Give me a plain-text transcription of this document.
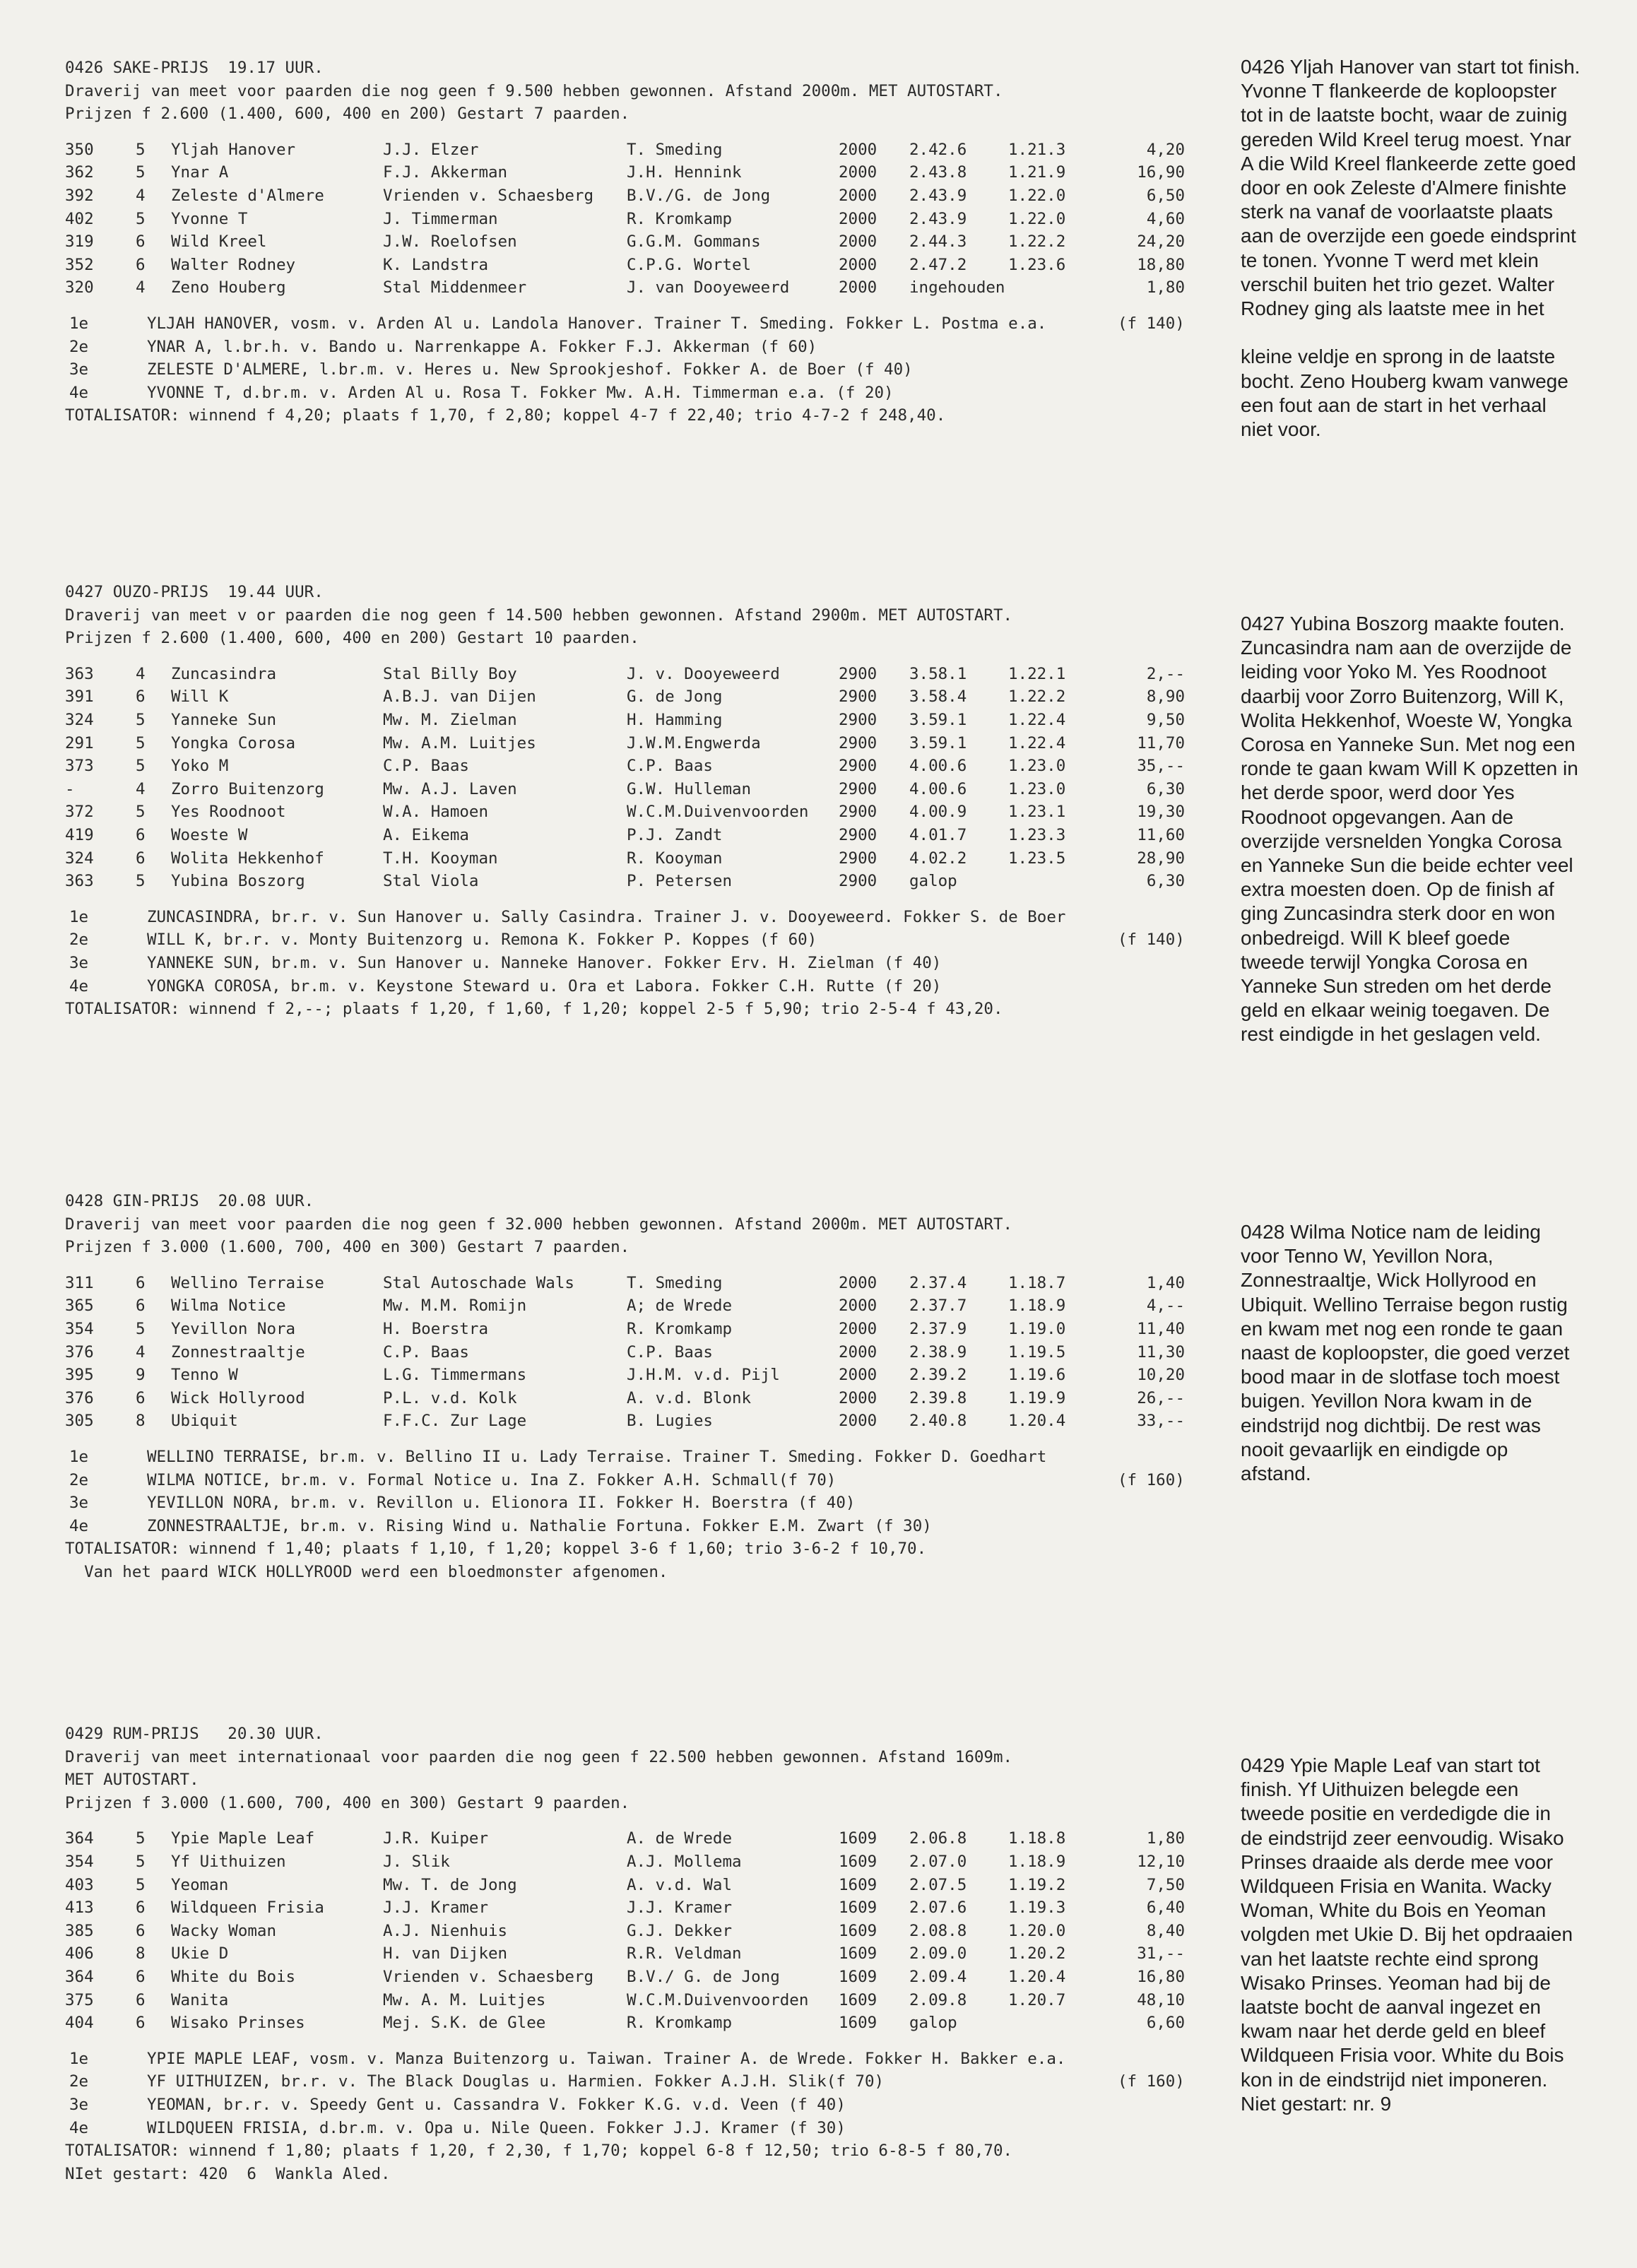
0426 SAKE-PRIJS  19.17 UUR.
Draverij van meet voor paarden die nog geen f 9.500 hebben gewonnen. Afstand 2000m. MET AUTOSTART.
Prijzen f 2.600 (1.400, 600, 400 en 200) Gestart 7 paarden.
350	5	Yljah Hanover	J.J. Elzer	T. Smeding	2000	2.42.6	1.21.3	4,20
362	5	Ynar A	F.J. Akkerman	J.H. Hennink	2000	2.43.8	1.21.9	16,90
392	4	Zeleste d'Almere	Vrienden v. Schaesberg	B.V./G. de Jong	2000	2.43.9	1.22.0	6,50
402	5	Yvonne T	J. Timmerman	R. Kromkamp	2000	2.43.9	1.22.0	4,60
319	6	Wild Kreel	J.W. Roelofsen	G.G.M. Gommans	2000	2.44.3	1.22.2	24,20
352	6	Walter Rodney	K. Landstra	C.P.G. Wortel	2000	2.47.2	1.23.6	18,80
320	4	Zeno Houberg	Stal Middenmeer	J. van Dooyeweerd	2000	ingehouden	1,80
1e	YLJAH HANOVER, vosm. v. Arden Al u. Landola Hanover. Trainer T. Smeding. Fokker L. Postma e.a.	(f 140)
2e	YNAR A, l.br.h. v. Bando u. Narrenkappe A. Fokker F.J. Akkerman (f 60)
3e	ZELESTE D'ALMERE, l.br.m. v. Heres u. New Sprookjeshof. Fokker A. de Boer (f 40)
4e	YVONNE T, d.br.m. v. Arden Al u. Rosa T. Fokker Mw. A.H. Timmerman e.a. (f 20)
TOTALISATOR: winnend f 4,20; plaats f 1,70, f 2,80; koppel 4-7 f 22,40; trio 4-7-2 f 248,40.
0426 Yljah Hanover van start tot finish.
Yvonne T flankeerde de koploopster
tot in de laatste bocht, waar de zuinig
gereden Wild Kreel terug moest. Ynar
A die Wild Kreel flankeerde zette goed
door en ook Zeleste d'Almere finishte
sterk na vanaf de voorlaatste plaats
aan de overzijde een goede eindsprint
te tonen. Yvonne T werd met klein
verschil buiten het trio gezet. Walter
Rodney ging als laatste mee in het
kleine veldje en sprong in de laatste
bocht. Zeno Houberg kwam vanwege
een fout aan de start in het verhaal
niet voor.
0427 OUZO-PRIJS  19.44 UUR.
Draverij van meet v or paarden die nog geen f 14.500 hebben gewonnen. Afstand 2900m. MET AUTOSTART.
Prijzen f 2.600 (1.400, 600, 400 en 200) Gestart 10 paarden.
363	4	Zuncasindra	Stal Billy Boy	J. v. Dooyeweerd	2900	3.58.1	1.22.1	2,--
391	6	Will K	A.B.J. van Dijen	G. de Jong	2900	3.58.4	1.22.2	8,90
324	5	Yanneke Sun	Mw. M. Zielman	H. Hamming	2900	3.59.1	1.22.4	9,50
291	5	Yongka Corosa	Mw. A.M. Luitjes	J.W.M.Engwerda	2900	3.59.1	1.22.4	11,70
373	5	Yoko M	C.P. Baas	C.P. Baas	2900	4.00.6	1.23.0	35,--
-	4	Zorro Buitenzorg	Mw. A.J. Laven	G.W. Hulleman	2900	4.00.6	1.23.0	6,30
372	5	Yes Roodnoot	W.A. Hamoen	W.C.M.Duivenvoorden	2900	4.00.9	1.23.1	19,30
419	6	Woeste W	A. Eikema	P.J. Zandt	2900	4.01.7	1.23.3	11,60
324	6	Wolita Hekkenhof	T.H. Kooyman	R. Kooyman	2900	4.02.2	1.23.5	28,90
363	5	Yubina Boszorg	Stal Viola	P. Petersen	2900	galop	6,30
1e	ZUNCASINDRA, br.r. v. Sun Hanover u. Sally Casindra. Trainer J. v. Dooyeweerd. Fokker S. de Boer
2e	WILL K, br.r. v. Monty Buitenzorg u. Remona K. Fokker P. Koppes (f 60)	(f 140)
3e	YANNEKE SUN, br.m. v. Sun Hanover u. Nanneke Hanover. Fokker Erv. H. Zielman (f 40)
4e	YONGKA COROSA, br.m. v. Keystone Steward u. Ora et Labora. Fokker C.H. Rutte (f 20)
TOTALISATOR: winnend f 2,--; plaats f 1,20, f 1,60, f 1,20; koppel 2-5 f 5,90; trio 2-5-4 f 43,20.
0427 Yubina Boszorg maakte fouten.
Zuncasindra nam aan de overzijde de
leiding voor Yoko M. Yes Roodnoot
daarbij voor Zorro Buitenzorg, Will K,
Wolita Hekkenhof, Woeste W, Yongka
Corosa en Yanneke Sun. Met nog een
ronde te gaan kwam Will K opzetten in
het derde spoor, werd door Yes
Roodnoot opgevangen. Aan de
overzijde versnelden Yongka Corosa
en Yanneke Sun die beide echter veel
extra moesten doen. Op de finish af
ging Zuncasindra sterk door en won
onbedreigd. Will K bleef goede
tweede terwijl Yongka Corosa en
Yanneke Sun streden om het derde
geld en elkaar weinig toegaven. De
rest eindigde in het geslagen veld.
0428 GIN-PRIJS  20.08 UUR.
Draverij van meet voor paarden die nog geen f 32.000 hebben gewonnen. Afstand 2000m. MET AUTOSTART.
Prijzen f 3.000 (1.600, 700, 400 en 300) Gestart 7 paarden.
311	6	Wellino Terraise	Stal Autoschade Wals	T. Smeding	2000	2.37.4	1.18.7	1,40
365	6	Wilma Notice	Mw. M.M. Romijn	A; de Wrede	2000	2.37.7	1.18.9	4,--
354	5	Yevillon Nora	H. Boerstra	R. Kromkamp	2000	2.37.9	1.19.0	11,40
376	4	Zonnestraaltje	C.P. Baas	C.P. Baas	2000	2.38.9	1.19.5	11,30
395	9	Tenno W	L.G. Timmermans	J.H.M. v.d. Pijl	2000	2.39.2	1.19.6	10,20
376	6	Wick Hollyrood	P.L. v.d. Kolk	A. v.d. Blonk	2000	2.39.8	1.19.9	26,--
305	8	Ubiquit	F.F.C. Zur Lage	B. Lugies	2000	2.40.8	1.20.4	33,--
1e	WELLINO TERRAISE, br.m. v. Bellino II u. Lady Terraise. Trainer T. Smeding. Fokker D. Goedhart
2e	WILMA NOTICE, br.m. v. Formal Notice u. Ina Z. Fokker A.H. Schmall(f 70)	(f 160)
3e	YEVILLON NORA, br.m. v. Revillon u. Elionora II. Fokker H. Boerstra (f 40)
4e	ZONNESTRAALTJE, br.m. v. Rising Wind u. Nathalie Fortuna. Fokker E.M. Zwart (f 30)
TOTALISATOR: winnend f 1,40; plaats f 1,10, f 1,20; koppel 3-6 f 1,60; trio 3-6-2 f 10,70.
Van het paard WICK HOLLYROOD werd een bloedmonster afgenomen.
0428 Wilma Notice nam de leiding
voor Tenno W, Yevillon Nora,
Zonnestraaltje, Wick Hollyrood en
Ubiquit. Wellino Terraise begon rustig
en kwam met nog een ronde te gaan
naast de koploopster, die goed verzet
bood maar in de slotfase toch moest
buigen. Yevillon Nora kwam in de
eindstrijd nog dichtbij. De rest was
nooit gevaarlijk en eindigde op
afstand.
0429 RUM-PRIJS   20.30 UUR.
Draverij van meet internationaal voor paarden die nog geen f 22.500 hebben gewonnen. Afstand 1609m.
MET AUTOSTART.
Prijzen f 3.000 (1.600, 700, 400 en 300) Gestart 9 paarden.
364	5	Ypie Maple Leaf	J.R. Kuiper	A. de Wrede	1609	2.06.8	1.18.8	1,80
354	5	Yf Uithuizen	J. Slik	A.J. Mollema	1609	2.07.0	1.18.9	12,10
403	5	Yeoman	Mw. T. de Jong	A. v.d. Wal	1609	2.07.5	1.19.2	7,50
413	6	Wildqueen Frisia	J.J. Kramer	J.J. Kramer	1609	2.07.6	1.19.3	6,40
385	6	Wacky Woman	A.J. Nienhuis	G.J. Dekker	1609	2.08.8	1.20.0	8,40
406	8	Ukie D	H. van Dijken	R.R. Veldman	1609	2.09.0	1.20.2	31,--
364	6	White du Bois	Vrienden v. Schaesberg	B.V./ G. de Jong	1609	2.09.4	1.20.4	16,80
375	6	Wanita	Mw. A. M. Luitjes	W.C.M.Duivenvoorden	1609	2.09.8	1.20.7	48,10
404	6	Wisako Prinses	Mej. S.K. de Glee	R. Kromkamp	1609	galop	6,60
1e	YPIE MAPLE LEAF, vosm. v. Manza Buitenzorg u. Taiwan. Trainer A. de Wrede. Fokker H. Bakker e.a.
2e	YF UITHUIZEN, br.r. v. The Black Douglas u. Harmien. Fokker A.J.H. Slik(f 70)	(f 160)
3e	YEOMAN, br.r. v. Speedy Gent u. Cassandra V. Fokker K.G. v.d. Veen (f 40)
4e	WILDQUEEN FRISIA, d.br.m. v. Opa u. Nile Queen. Fokker J.J. Kramer (f 30)
TOTALISATOR: winnend f 1,80; plaats f 1,20, f 2,30, f 1,70; koppel 6-8 f 12,50; trio 6-8-5 f 80,70.
NIet gestart: 420  6  Wankla Aled.
0429 Ypie Maple Leaf van start tot
finish. Yf Uithuizen belegde een
tweede positie en verdedigde die in
de eindstrijd zeer eenvoudig. Wisako
Prinses draaide als derde mee voor
Wildqueen Frisia en Wanita. Wacky
Woman, White du Bois en Yeoman
volgden met Ukie D. Bij het opdraaien
van het laatste rechte eind sprong
Wisako Prinses. Yeoman had bij de
laatste bocht de aanval ingezet en
kwam naar het derde geld en bleef
Wildqueen Frisia voor. White du Bois
kon in de eindstrijd niet imponeren.
Niet gestart: nr. 9
